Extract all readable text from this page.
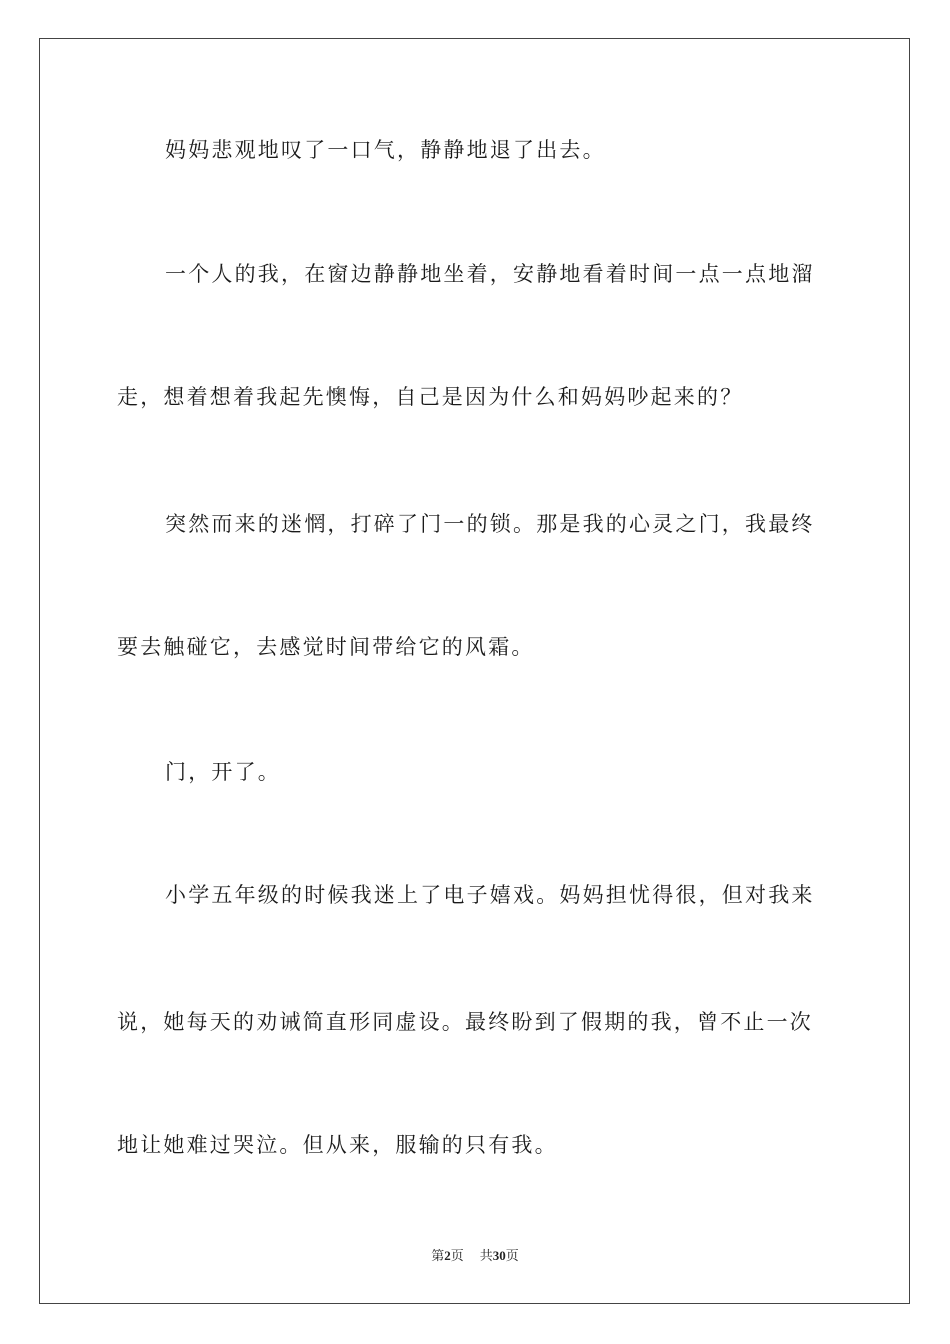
妈妈悲观地叹了一口气，静静地退了出去。
一个人的我，在窗边静静地坐着，安静地看着时间一点一点地溜
走，想着想着我起先懊悔，自己是因为什么和妈妈吵起来的？
突然而来的迷惘，打碎了门一的锁。那是我的心灵之门，我最终
要去触碰它，去感觉时间带给它的风霜。
门，开了。
小学五年级的时候我迷上了电子嬉戏。妈妈担忧得很，但对我来
说，她每天的劝诫简直形同虚设。最终盼到了假期的我，曾不止一次
地让她难过哭泣。但从来，服输的只有我。
第2页 共30页
